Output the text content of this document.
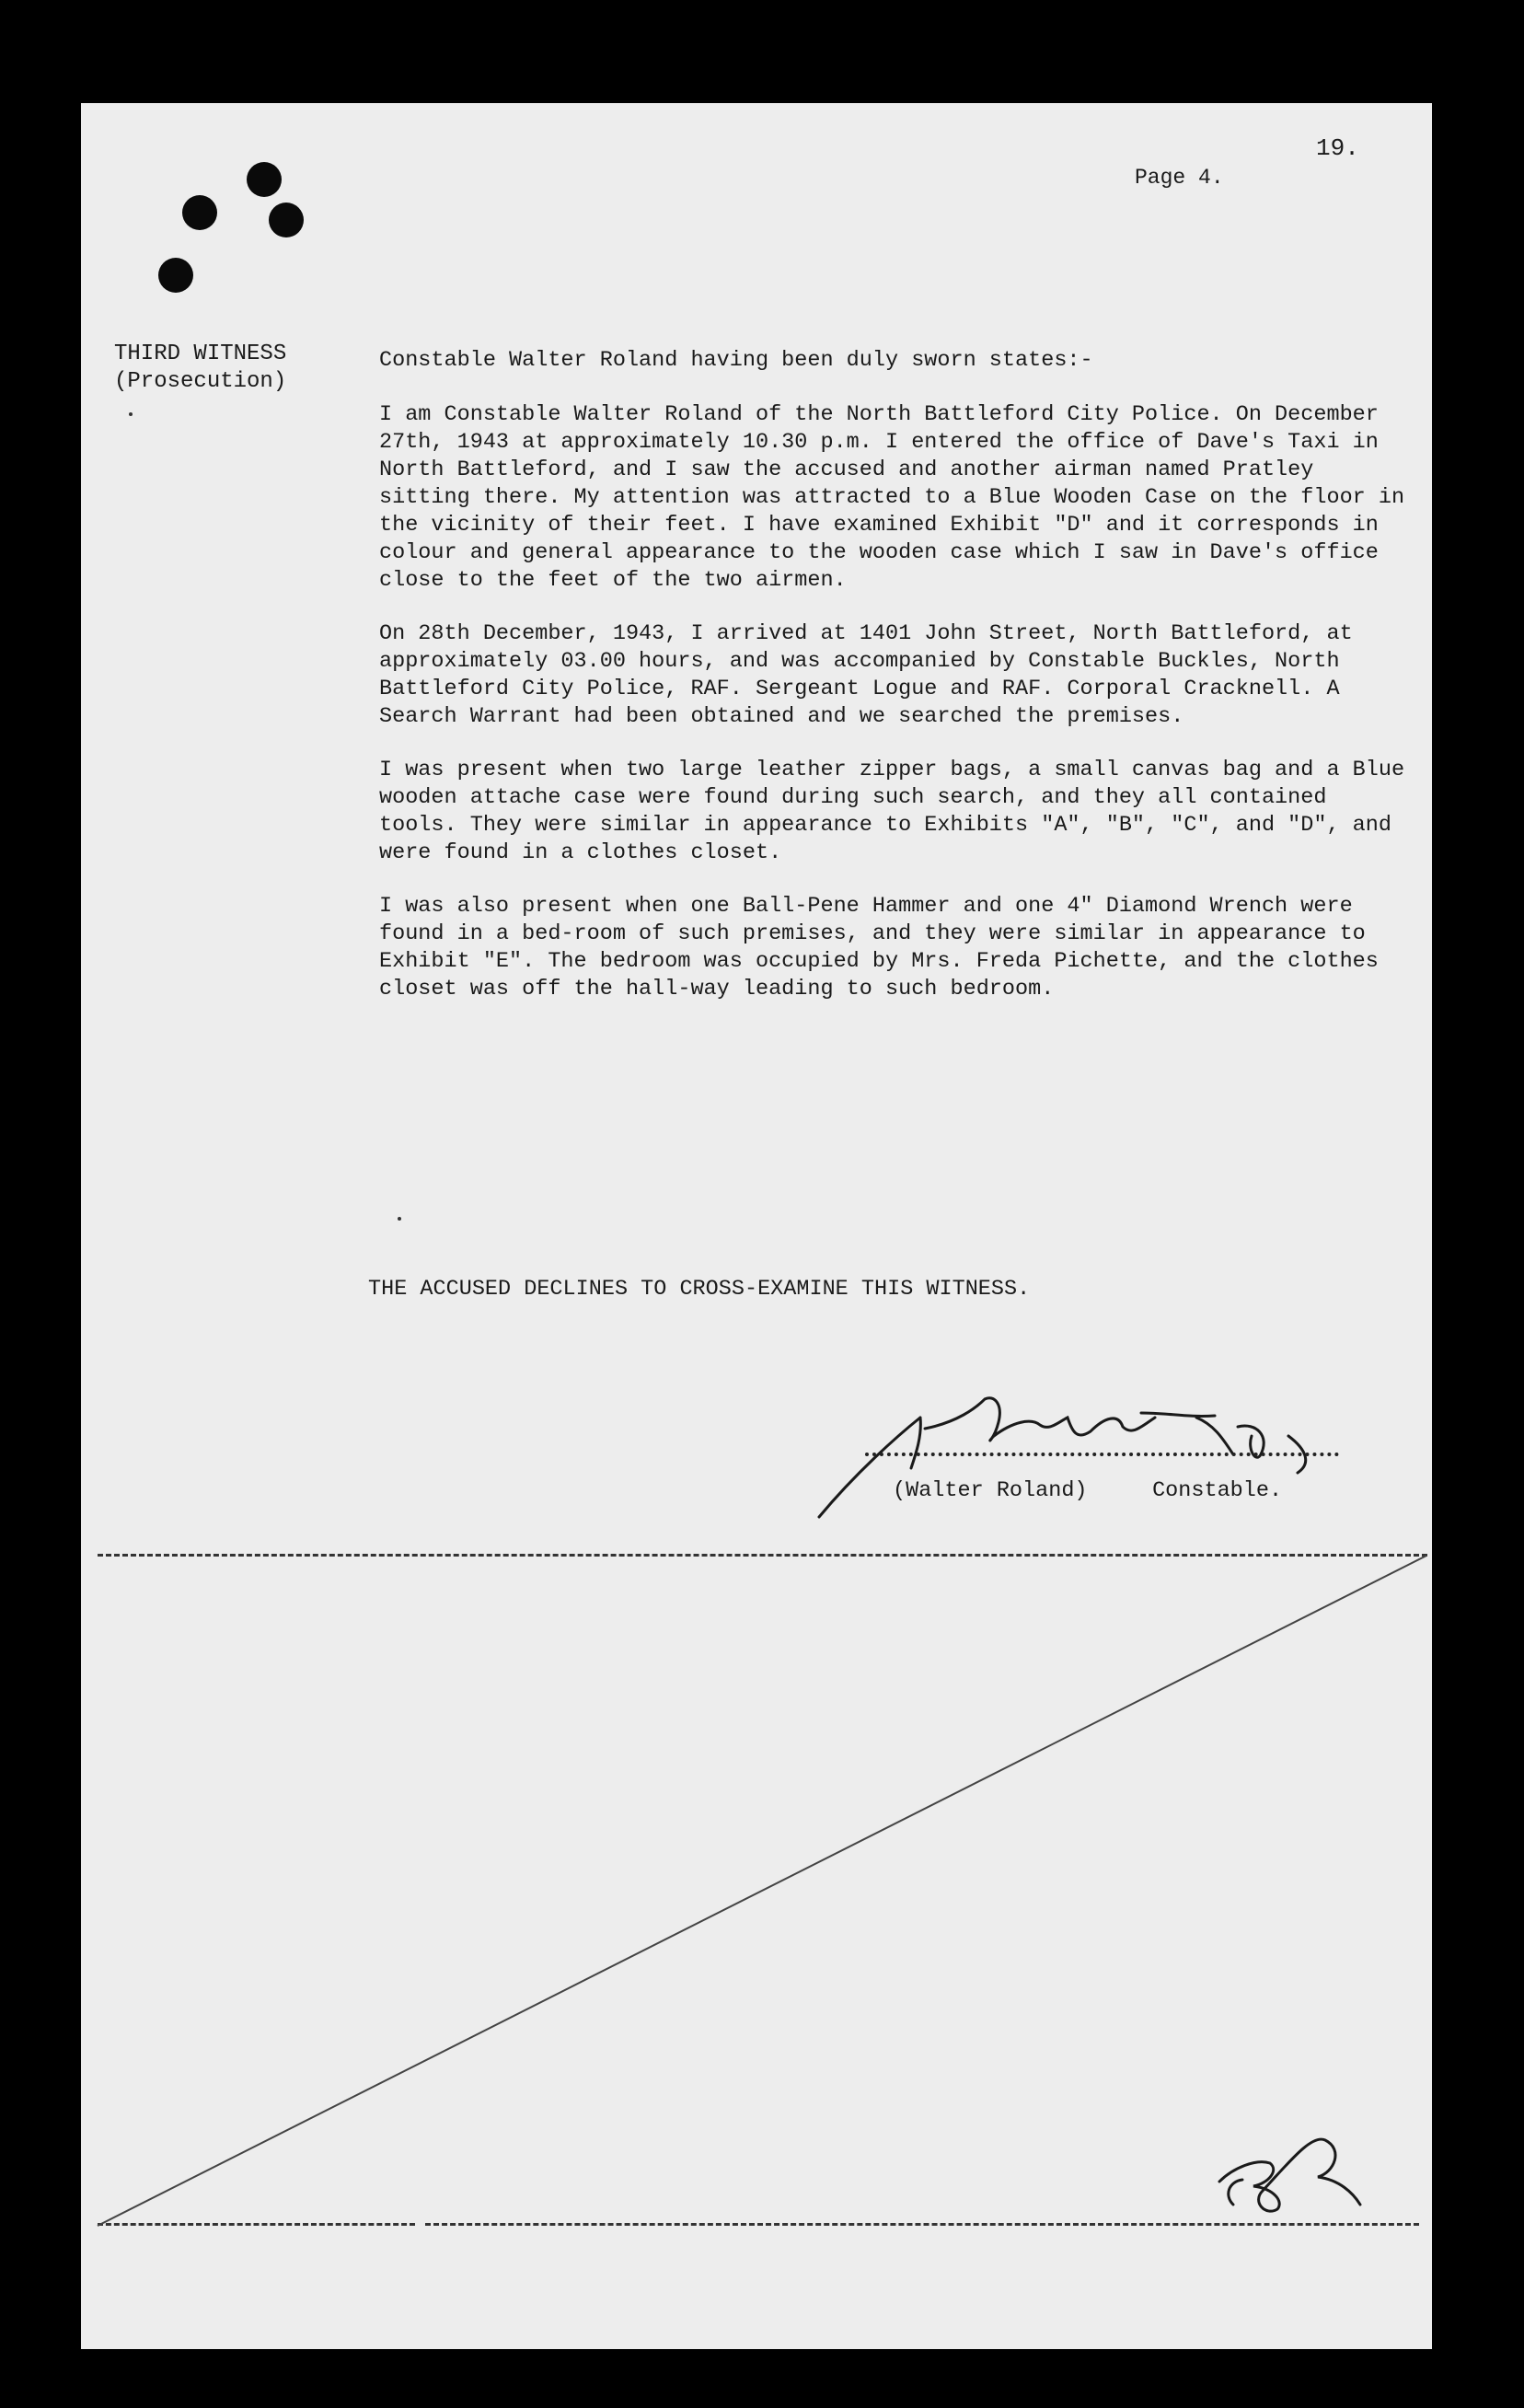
19.
Page 4.
THIRD WITNESS
(Prosecution)
Constable Walter Roland having been duly sworn states:-

I am Constable Walter Roland of the North Battleford City Police. On December 27th, 1943 at approximately 10.30 p.m. I entered the office of Dave's Taxi in North Battleford, and I saw the accused and another airman named Pratley sitting there. My attention was attracted to a Blue Wooden Case on the floor in the vicinity of their feet. I have examined Exhibit "D" and it corresponds in colour and general appearance to the wooden case which I saw in Dave's office close to the feet of the two airmen.

On 28th December, 1943, I arrived at 1401 John Street, North Battleford, at approximately 03.00 hours, and was accompanied by Constable Buckles, North Battleford City Police, RAF. Sergeant Logue and RAF. Corporal Cracknell. A Search Warrant had been obtained and we searched the premises.

I was present when two large leather zipper bags, a small canvas bag and a Blue wooden attache case were found during such search, and they all contained tools. They were similar in appearance to Exhibits "A", "B", "C", and "D", and were found in a clothes closet.

I was also present when one Ball-Pene Hammer and one 4" Diamond Wrench were found in a bed-room of such premises, and they were similar in appearance to Exhibit "E". The bedroom was occupied by Mrs. Freda Pichette, and the clothes closet was off the hall-way leading to such bedroom.

THE ACCUSED DECLINES TO CROSS-EXAMINE THIS WITNESS.
(Walter Roland)	Constable.
